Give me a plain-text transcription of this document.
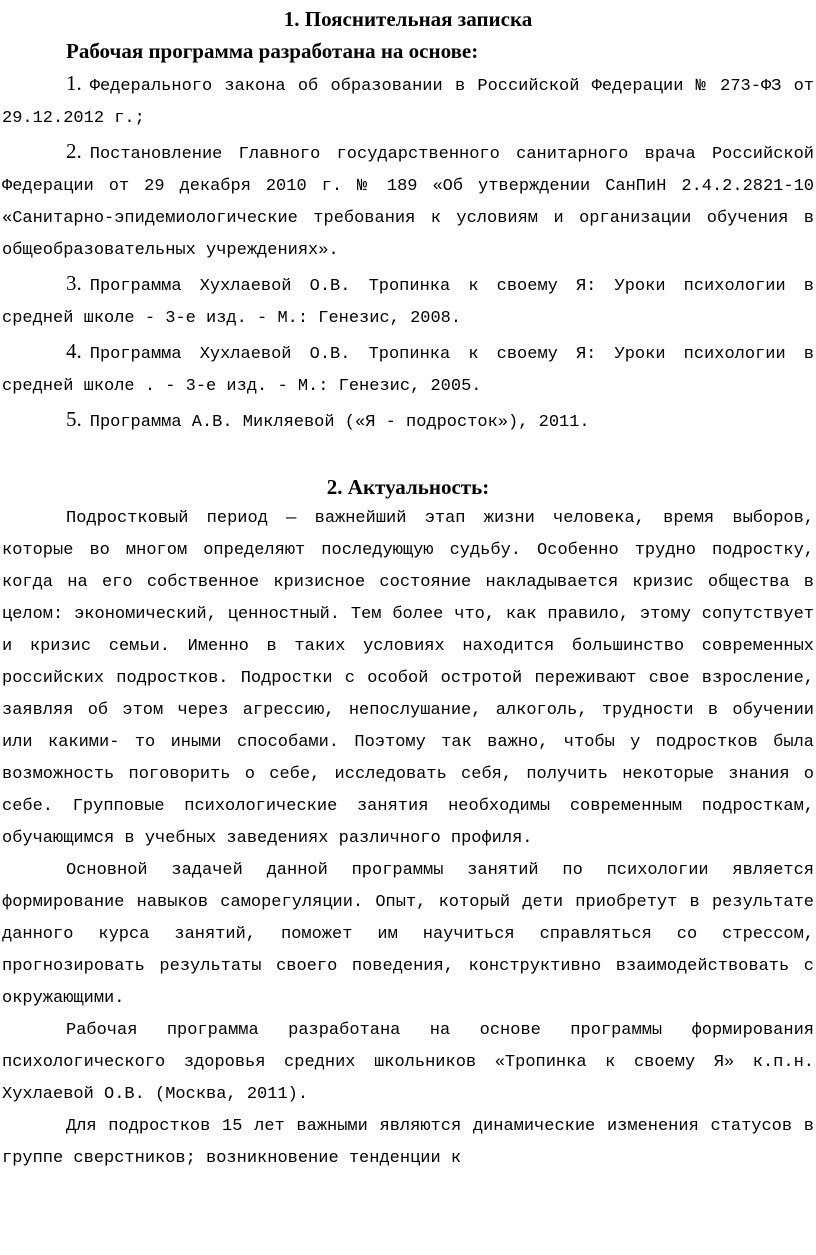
1. Пояснительная записка
Рабочая программа разработана на основе:

1. Федерального закона об образовании в Российской Федерации № 273-ФЗ от 29.12.2012 г.;

2. Постановление Главного государственного санитарного врача Российской Федерации от 29 декабря 2010 г. № 189 «Об утверждении СанПиН 2.4.2.2821-10 «Санитарно-эпидемиологические требования к условиям и организации обучения в общеобразовательных учреждениях».

3. Программа Хухлаевой О.В. Тропинка к своему Я: Уроки психологии в средней школе - 3-е изд. - М.: Генезис, 2008.

4. Программа Хухлаевой О.В. Тропинка к своему Я: Уроки психологии в средней школе . - 3-е изд. - М.: Генезис, 2005.

5. Программа А.В. Микляевой («Я - подросток»), 2011.

2. Актуальность:

Подростковый период — важнейший этап жизни человека, время выборов, которые во многом определяют последующую судьбу. Особенно трудно подростку, когда на его собственное кризисное состояние накладывается кризис общества в целом: экономический, ценностный. Тем более что, как правило, этому сопутствует и кризис семьи. Именно в таких условиях находится большинство современных российских подростков. Подростки с особой остротой переживают свое взросление, заявляя об этом через агрессию, непослушание, алкоголь, трудности в обучении или какими- то иными способами. Поэтому так важно, чтобы у подростков была возможность поговорить о себе, исследовать себя, получить некоторые знания о себе. Групповые психологические занятия необходимы современным подросткам, обучающимся в учебных заведениях различного профиля.

Основной задачей данной программы занятий по психологии является формирование навыков саморегуляции. Опыт, который дети приобретут в результате данного курса занятий, поможет им научиться справляться со стрессом, прогнозировать результаты своего поведения, конструктивно взаимодействовать с окружающими.

Рабочая программа разработана на основе программы формирования психологического здоровья средних школьников «Тропинка к своему Я» к.п.н. Хухлаевой О.В. (Москва, 2011).

Для подростков 15 лет важными являются динамические изменения статусов в группе сверстников; возникновение тенденции к
